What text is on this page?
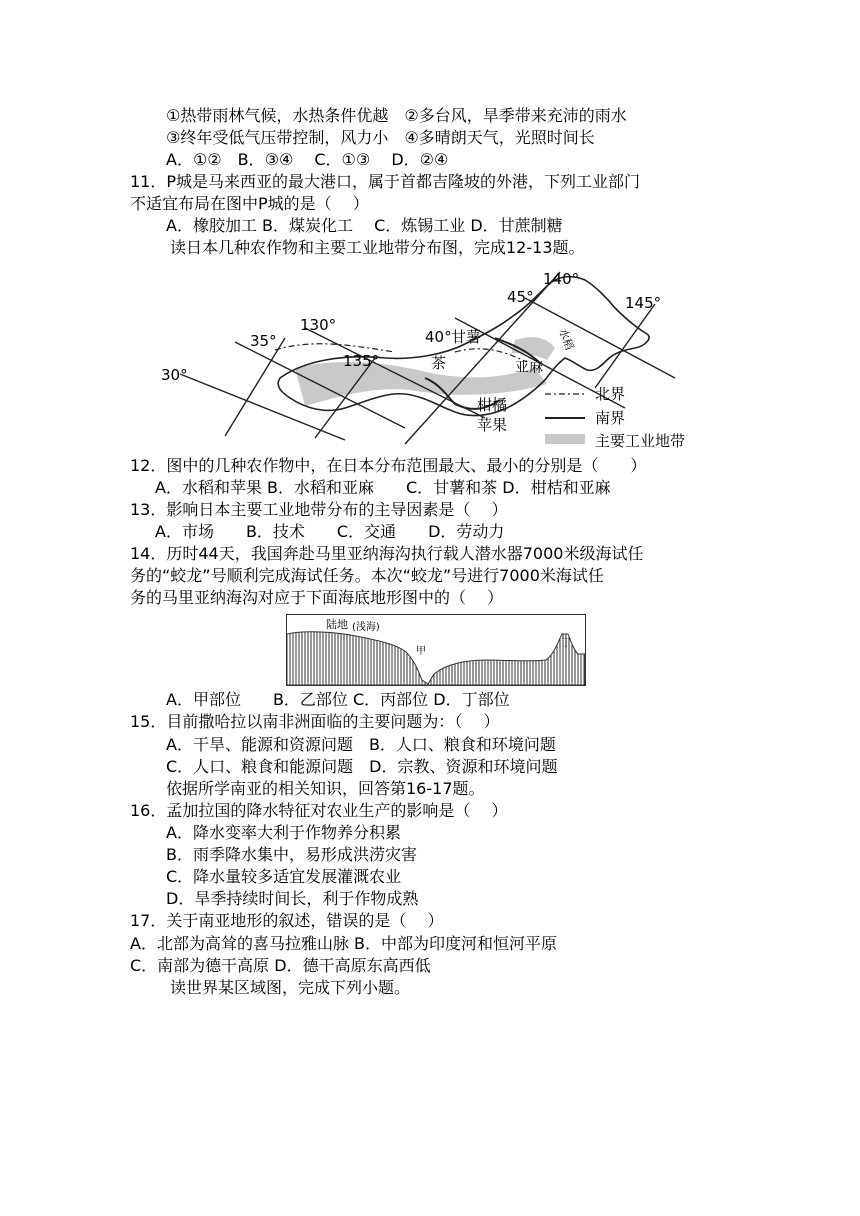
①热带雨林气候，水热条件优越　②多台风，旱季带来充沛的雨水
③终年受低气压带控制，风力小　④多晴朗天气，光照时间长
A．①②　B．③④　 C．①③　 D．②④
11．P城是马来西亚的最大港口，属于首都吉隆坡的外港，下列工业部门
不适宜布局在图中P城的是（　 ）
A．橡胶加工 B．煤炭化工　 C．炼锡工业 D．甘蔗制糖
读日本几种农作物和主要工业地带分布图，完成12-13题。
140°
145°
45°
130°
35°
135°
30°
40° 甘薯
茶
水稻
亚麻
柑橘
苹果
北界
南界
主要工业地带
12．图中的几种农作物中，在日本分布范围最大、最小的分别是（　　）
A．水稻和苹果 B．水稻和亚麻　　C．甘薯和茶 D．柑桔和亚麻
13．影响日本主要工业地带分布的主导因素是（　 ）
A．市场　　B．技术　　C．交通　　D．劳动力
14．历时44天，我国奔赴马里亚纳海沟执行载人潜水器7000米级海试任
务的“蛟龙”号顺利完成海试任务。本次“蛟龙”号进行7000米海试任
务的马里亚纳海沟对应于下面海底地形图中的（　 ）
陆地 (浅海)
甲
乙
丙
丁
A．甲部位　　B．乙部位 C．丙部位 D．丁部位
15．目前撒哈拉以南非洲面临的主要问题为：（　 ）
A．干旱、能源和资源问题　B．人口、粮食和环境问题
C．人口、粮食和能源问题　D．宗教、资源和环境问题
依据所学南亚的相关知识，回答第16-17题。
16．孟加拉国的降水特征对农业生产的影响是（　 ）
A．降水变率大利于作物养分积累
B．雨季降水集中，易形成洪涝灾害
C．降水量较多适宜发展灌溉农业
D．旱季持续时间长，利于作物成熟
17．关于南亚地形的叙述，错误的是（　 ）
A．北部为高耸的喜马拉雅山脉 B．中部为印度河和恒河平原
C．南部为德干高原 D．德干高原东高西低
读世界某区域图，完成下列小题。
